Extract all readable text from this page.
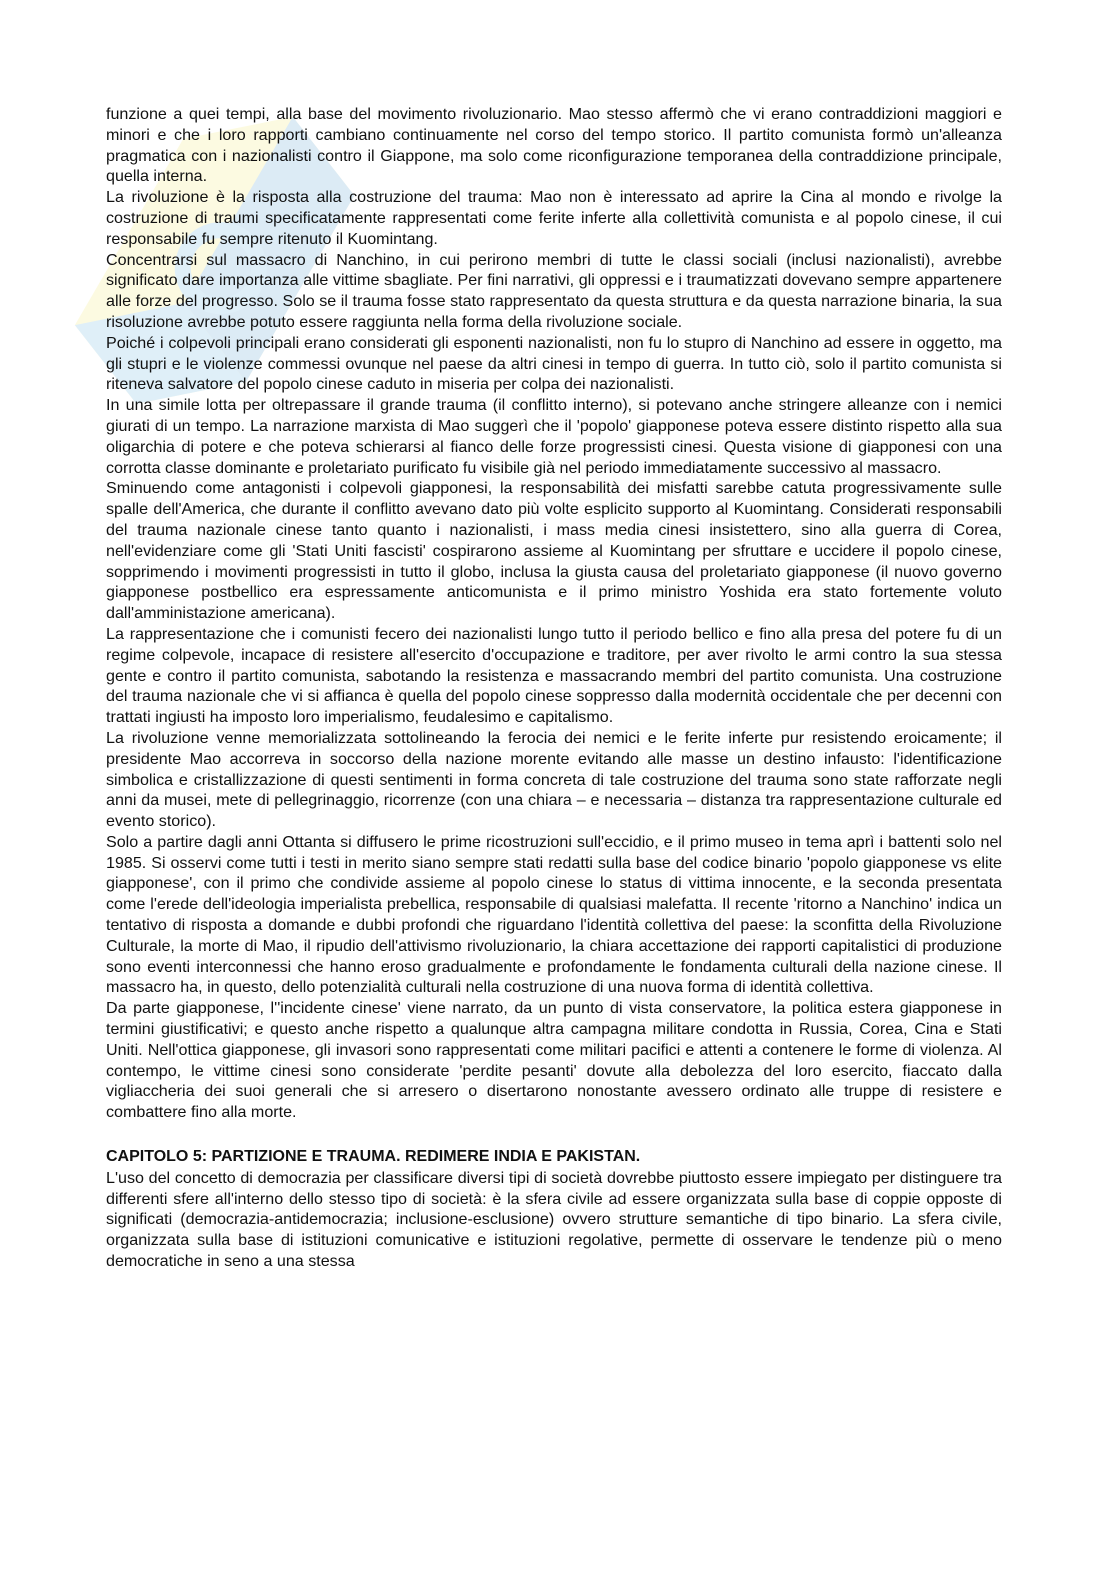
funzione a quei tempi, alla base del movimento rivoluzionario. Mao stesso affermò che vi erano contraddizioni maggiori e minori e che i loro rapporti cambiano continuamente nel corso del tempo storico. Il partito comunista formò un'alleanza pragmatica con i nazionalisti contro il Giappone, ma solo come riconfigurazione temporanea della contraddizione principale, quella interna.

La rivoluzione è la risposta alla costruzione del trauma: Mao non è interessato ad aprire la Cina al mondo e rivolge la costruzione di traumi specificatamente rappresentati come ferite inferte alla collettività comunista e al popolo cinese, il cui responsabile fu sempre ritenuto il Kuomintang.

Concentrarsi sul massacro di Nanchino, in cui perirono membri di tutte le classi sociali (inclusi nazionalisti), avrebbe significato dare importanza alle vittime sbagliate. Per fini narrativi, gli oppressi e i traumatizzati dovevano sempre appartenere alle forze del progresso. Solo se il trauma fosse stato rappresentato da questa struttura e da questa narrazione binaria, la sua risoluzione avrebbe potuto essere raggiunta nella forma della rivoluzione sociale.

Poiché i colpevoli principali erano considerati gli esponenti nazionalisti, non fu lo stupro di Nanchino ad essere in oggetto, ma gli stupri e le violenze commessi ovunque nel paese da altri cinesi in tempo di guerra. In tutto ciò, solo il partito comunista si riteneva salvatore del popolo cinese caduto in miseria per colpa dei nazionalisti.

In una simile lotta per oltrepassare il grande trauma (il conflitto interno), si potevano anche stringere alleanze con i nemici giurati di un tempo. La narrazione marxista di Mao suggerì che il 'popolo' giapponese poteva essere distinto rispetto alla sua oligarchia di potere e che poteva schierarsi al fianco delle forze progressisti cinesi. Questa visione di giapponesi con una corrotta classe dominante e proletariato purificato fu visibile già nel periodo immediatamente successivo al massacro.

Sminuendo come antagonisti i colpevoli giapponesi, la responsabilità dei misfatti sarebbe catuta progressivamente sulle spalle dell'America, che durante il conflitto avevano dato più volte esplicito supporto al Kuomintang. Considerati responsabili del trauma nazionale cinese tanto quanto i nazionalisti, i mass media cinesi insistettero, sino alla guerra di Corea, nell'evidenziare come gli 'Stati Uniti fascisti' cospirarono assieme al Kuomintang per sfruttare e uccidere il popolo cinese, sopprimendo i movimenti progressisti in tutto il globo, inclusa la giusta causa del proletariato giapponese (il nuovo governo giapponese postbellico era espressamente anticomunista e il primo ministro Yoshida era stato fortemente voluto dall'amministazione americana).

La rappresentazione che i comunisti fecero dei nazionalisti lungo tutto il periodo bellico e fino alla presa del potere fu di un regime colpevole, incapace di resistere all'esercito d'occupazione e traditore, per aver rivolto le armi contro la sua stessa gente e contro il partito comunista, sabotando la resistenza e massacrando membri del partito comunista. Una costruzione del trauma nazionale che vi si affianca è quella del popolo cinese soppresso dalla modernità occidentale che per decenni con trattati ingiusti ha imposto loro imperialismo, feudalesimo e capitalismo.

La rivoluzione venne memorializzata sottolineando la ferocia dei nemici e le ferite inferte pur resistendo eroicamente; il presidente Mao accorreva in soccorso della nazione morente evitando alle masse un destino infausto: l'identificazione simbolica e cristallizzazione di questi sentimenti in forma concreta di tale costruzione del trauma sono state rafforzate negli anni da musei, mete di pellegrinaggio, ricorrenze (con una chiara – e necessaria – distanza tra rappresentazione culturale ed evento storico).

Solo a partire dagli anni Ottanta si diffusero le prime ricostruzioni sull'eccidio, e il primo museo in tema aprì i battenti solo nel 1985. Si osservi come tutti i testi in merito siano sempre stati redatti sulla base del codice binario 'popolo giapponese vs elite giapponese', con il primo che condivide assieme al popolo cinese lo status di vittima innocente, e la seconda presentata come l'erede dell'ideologia imperialista prebellica, responsabile di qualsiasi malefatta. Il recente 'ritorno a Nanchino' indica un tentativo di risposta a domande e dubbi profondi che riguardano l'identità collettiva del paese: la sconfitta della Rivoluzione Culturale, la morte di Mao, il ripudio dell'attivismo rivoluzionario, la chiara accettazione dei rapporti capitalistici di produzione sono eventi interconnessi che hanno eroso gradualmente e profondamente le fondamenta culturali della nazione cinese. Il massacro ha, in questo, dello potenzialità culturali nella costruzione di una nuova forma di identità collettiva.

Da parte giapponese, l''incidente cinese' viene narrato, da un punto di vista conservatore, la politica estera giapponese in termini giustificativi; e questo anche rispetto a qualunque altra campagna militare condotta in Russia, Corea, Cina e Stati Uniti. Nell'ottica giapponese, gli invasori sono rappresentati come militari pacifici e attenti a contenere le forme di violenza. Al contempo, le vittime cinesi sono considerate 'perdite pesanti' dovute alla debolezza del loro esercito, fiaccato dalla vigliaccheria dei suoi generali che si arresero o disertarono nonostante avessero ordinato alle truppe di resistere e combattere fino alla morte.

CAPITOLO 5: PARTIZIONE E TRAUMA. REDIMERE INDIA E PAKISTAN.

L'uso del concetto di democrazia per classificare diversi tipi di società dovrebbe piuttosto essere impiegato per distinguere tra differenti sfere all'interno dello stesso tipo di società: è la sfera civile ad essere organizzata sulla base di coppie opposte di significati (democrazia-antidemocrazia; inclusione-esclusione) ovvero strutture semantiche di tipo binario. La sfera civile, organizzata sulla base di istituzioni comunicative e istituzioni regolative, permette di osservare le tendenze più o meno democratiche in seno a una stessa
